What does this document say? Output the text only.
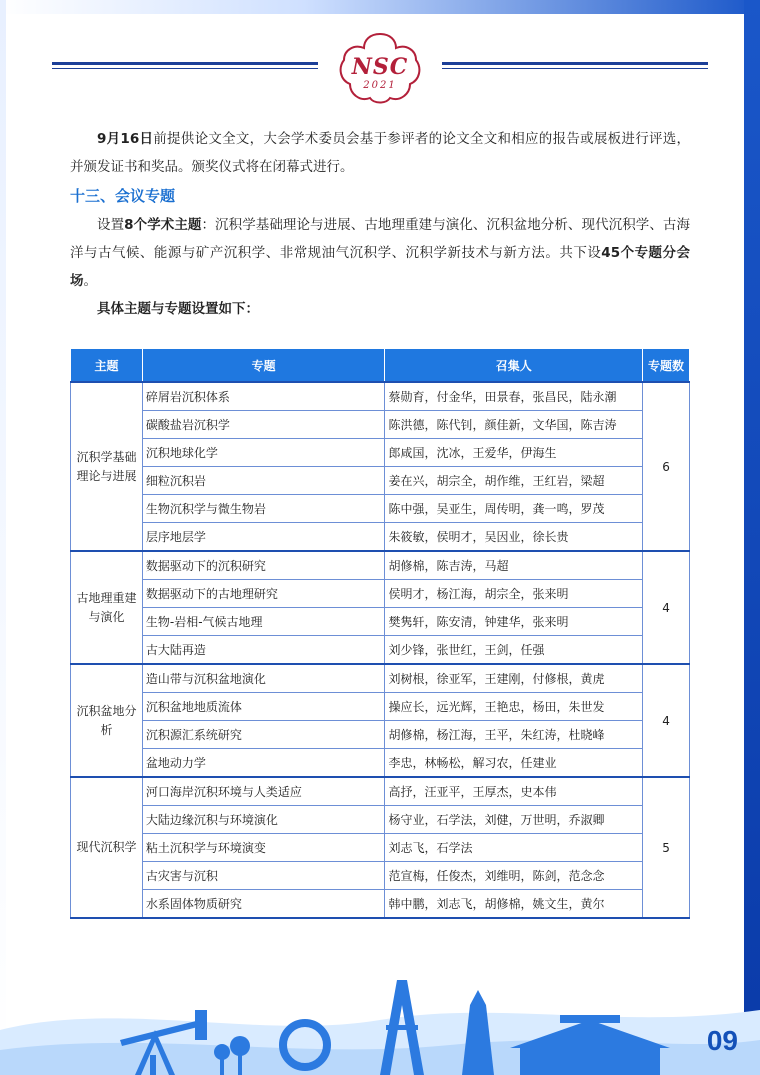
NSC
2021

9月16日前提供论文全文，大会学术委员会基于参评者的论文全文和相应的报告或展板进行评选，并颁发证书和奖品。颁奖仪式将在闭幕式进行。

十三、会议专题

设置8个学术主题：沉积学基础理论与进展、古地理重建与演化、沉积盆地分析、现代沉积学、古海洋与古气候、能源与矿产沉积学、非常规油气沉积学、沉积学新技术与新方法。共下设45个专题分会场。

具体主题与专题设置如下：

主题	专题	召集人	专题数
沉积学基础理论与进展	碎屑岩沉积体系	蔡勋育，付金华，田景春，张昌民，陆永潮	6
	碳酸盐岩沉积学	陈洪德，陈代钊，颜佳新，文华国，陈吉涛	
	沉积地球化学	郎咸国，沈冰，王爱华，伊海生	
	细粒沉积岩	姜在兴，胡宗全，胡作维，王红岩，梁超	
	生物沉积学与微生物岩	陈中强，吴亚生，周传明，龚一鸣，罗茂	
	层序地层学	朱筱敏，侯明才，吴因业，徐长贵	
古地理重建与演化	数据驱动下的沉积研究	胡修棉，陈吉涛，马超	4
	数据驱动下的古地理研究	侯明才，杨江海，胡宗全，张来明	
	生物-岩相-气候古地理	樊隽轩，陈安清，钟建华，张来明	
	古大陆再造	刘少锋，张世红，王剑，任强	
沉积盆地分析	造山带与沉积盆地演化	刘树根，徐亚军，王建刚，付修根，黄虎	4
	沉积盆地地质流体	操应长，远光辉，王艳忠，杨田，朱世发	
	沉积源汇系统研究	胡修棉，杨江海，王平，朱红涛，杜晓峰	
	盆地动力学	李忠，林畅松，解习农，任建业	
现代沉积学	河口海岸沉积环境与人类适应	高抒，汪亚平，王厚杰，史本伟	5
	大陆边缘沉积与环境演化	杨守业，石学法，刘健，万世明，乔淑卿	
	粘土沉积学与环境演变	刘志飞，石学法	
	古灾害与沉积	范宣梅，任俊杰，刘维明，陈剑，范念念	
	水系固体物质研究	韩中鹏，刘志飞，胡修棉，姚文生，黄尔	
09
